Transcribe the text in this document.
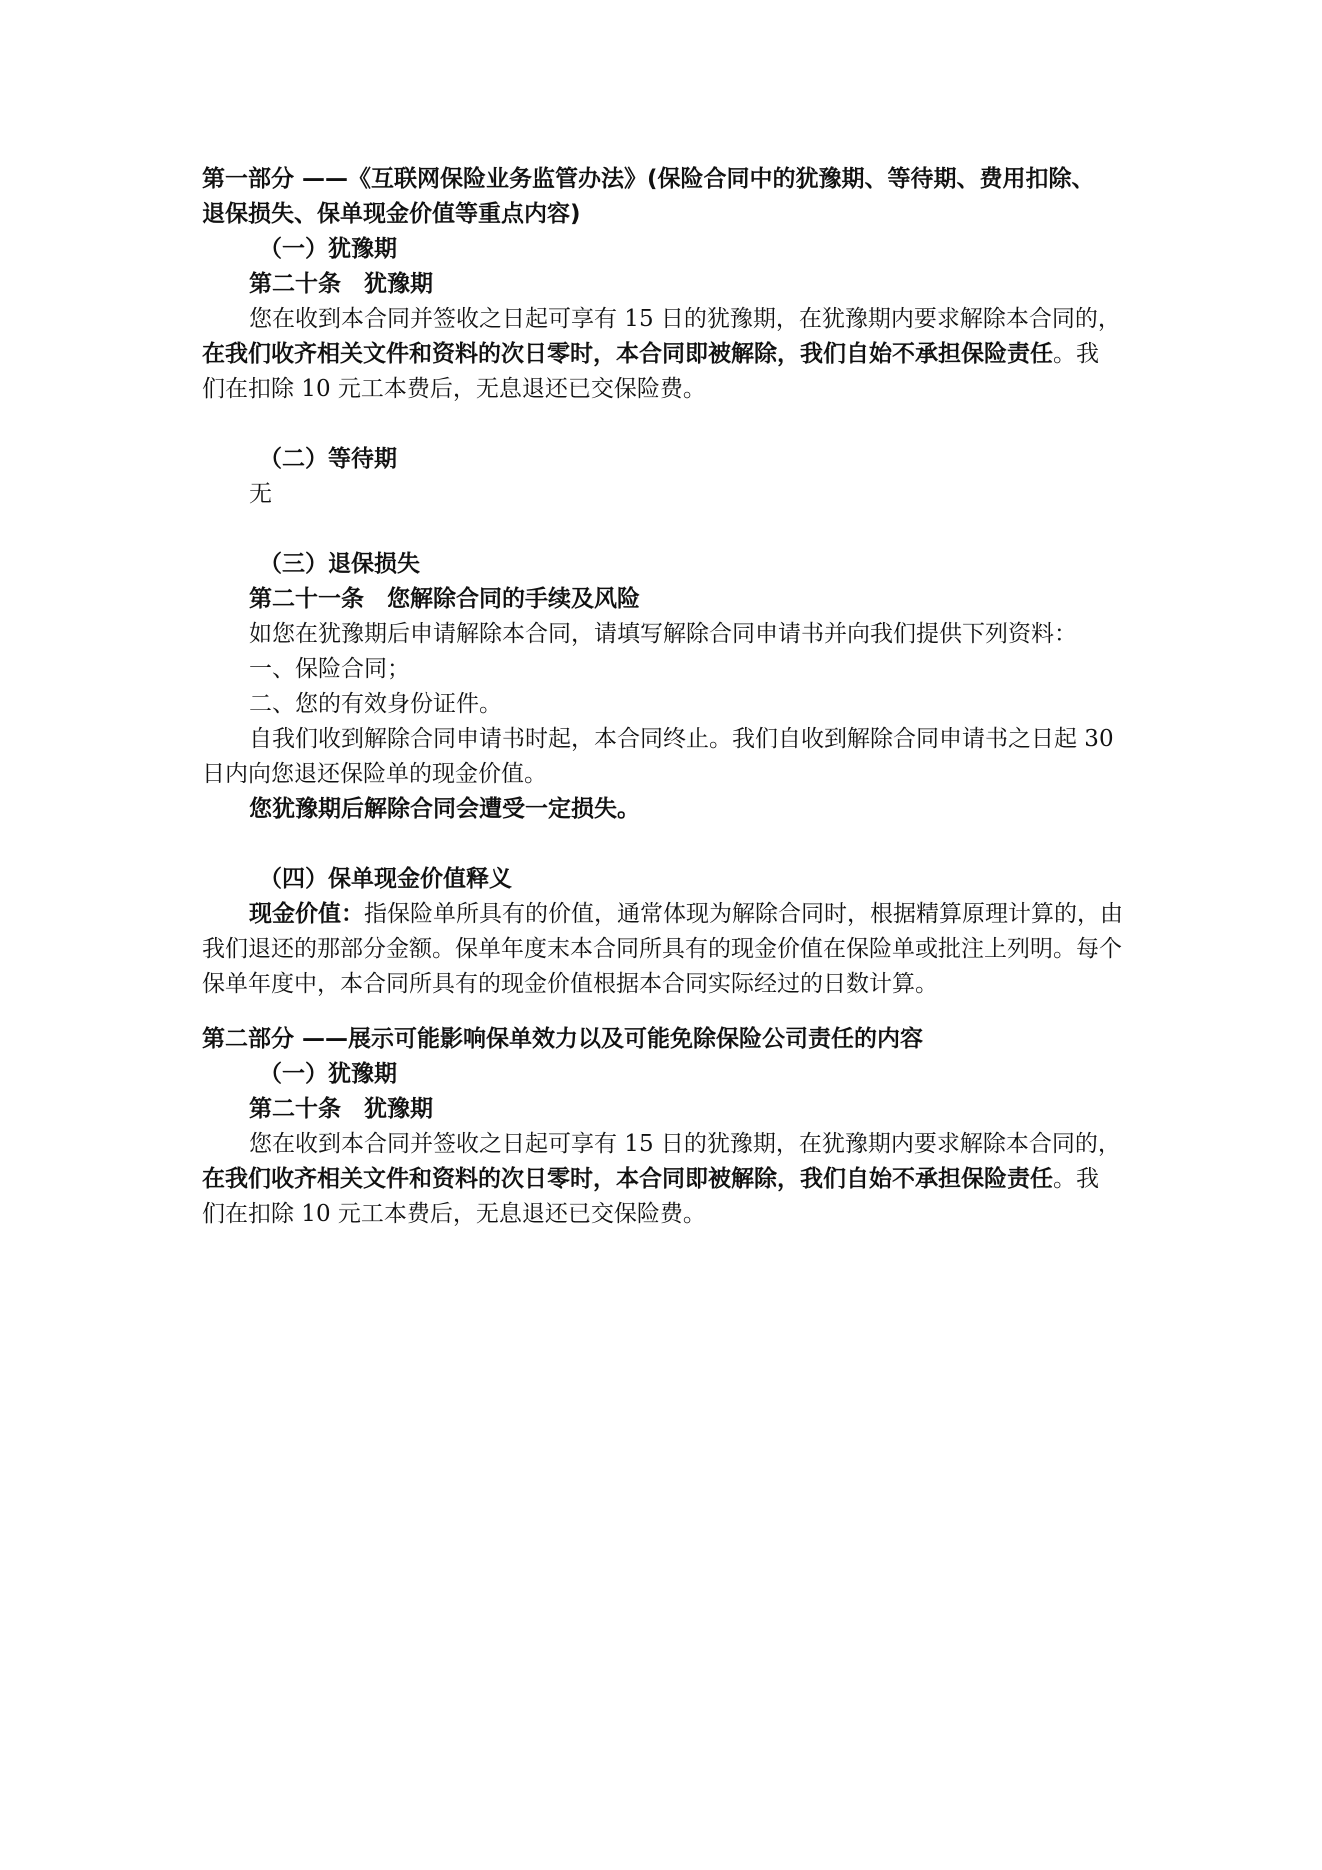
第一部分 ——《互联网保险业务监管办法》(保险合同中的犹豫期、等待期、费用扣除、
退保损失、保单现金价值等重点内容)
（一）犹豫期
第二十条　犹豫期
您在收到本合同并签收之日起可享有 15 日的犹豫期，在犹豫期内要求解除本合同的，
在我们收齐相关文件和资料的次日零时，本合同即被解除，我们自始不承担保险责任。我
们在扣除 10 元工本费后，无息退还已交保险费。
（二）等待期
无
（三）退保损失
第二十一条　您解除合同的手续及风险
如您在犹豫期后申请解除本合同，请填写解除合同申请书并向我们提供下列资料：
一、保险合同；
二、您的有效身份证件。
自我们收到解除合同申请书时起，本合同终止。我们自收到解除合同申请书之日起 30
日内向您退还保险单的现金价值。
您犹豫期后解除合同会遭受一定损失。
（四）保单现金价值释义
现金价值：指保险单所具有的价值，通常体现为解除合同时，根据精算原理计算的，由
我们退还的那部分金额。保单年度末本合同所具有的现金价值在保险单或批注上列明。每个
保单年度中，本合同所具有的现金价值根据本合同实际经过的日数计算。
第二部分 ——展示可能影响保单效力以及可能免除保险公司责任的内容
（一）犹豫期
第二十条　犹豫期
您在收到本合同并签收之日起可享有 15 日的犹豫期，在犹豫期内要求解除本合同的，
在我们收齐相关文件和资料的次日零时，本合同即被解除，我们自始不承担保险责任。我
们在扣除 10 元工本费后，无息退还已交保险费。
